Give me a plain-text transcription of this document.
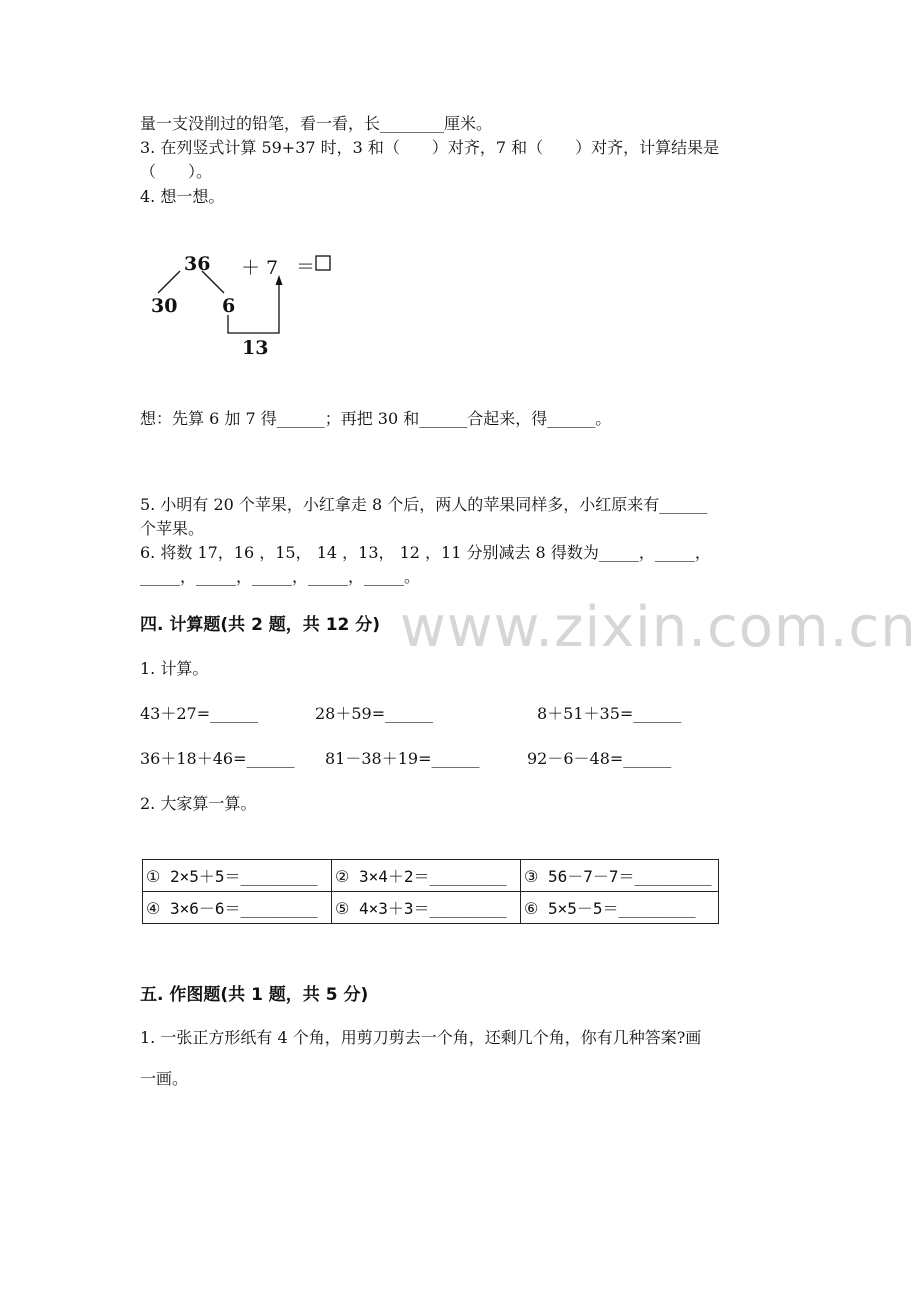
www.zixin.com.cn
量一支没削过的铅笔，看一看，长________厘米。
3. 在列竖式计算 59+37 时，3 和（　　）对齐，7 和（　　）对齐，计算结果是
（　　）。
4. 想一想。
36 ＋ 7 ＝
30 6
13
想：先算 6 加 7 得______；再把 30 和______合起来，得______。
5. 小明有 20 个苹果，小红拿走 8 个后，两人的苹果同样多，小红原来有______
个苹果。
6. 将数 17，16 ，15， 14 ，13， 12 ，11 分别减去 8 得数为_____，_____，
_____，_____，_____，_____，_____。
四. 计算题(共 2 题，共 12 分)
1. 计算。
43＋27=______	28＋59=______	8＋51＋35=______
36＋18＋46=______ 81－38＋19=______	92－6－48=______
2. 大家算一算。
① 2×5＋5＝________	② 3×4＋2＝________	③ 56－7－7＝________
④ 3×6－6＝________	⑤ 4×3＋3＝________	⑥ 5×5－5＝________
五. 作图题(共 1 题，共 5 分)
1. 一张正方形纸有 4 个角，用剪刀剪去一个角，还剩几个角，你有几种答案?画
一画。
